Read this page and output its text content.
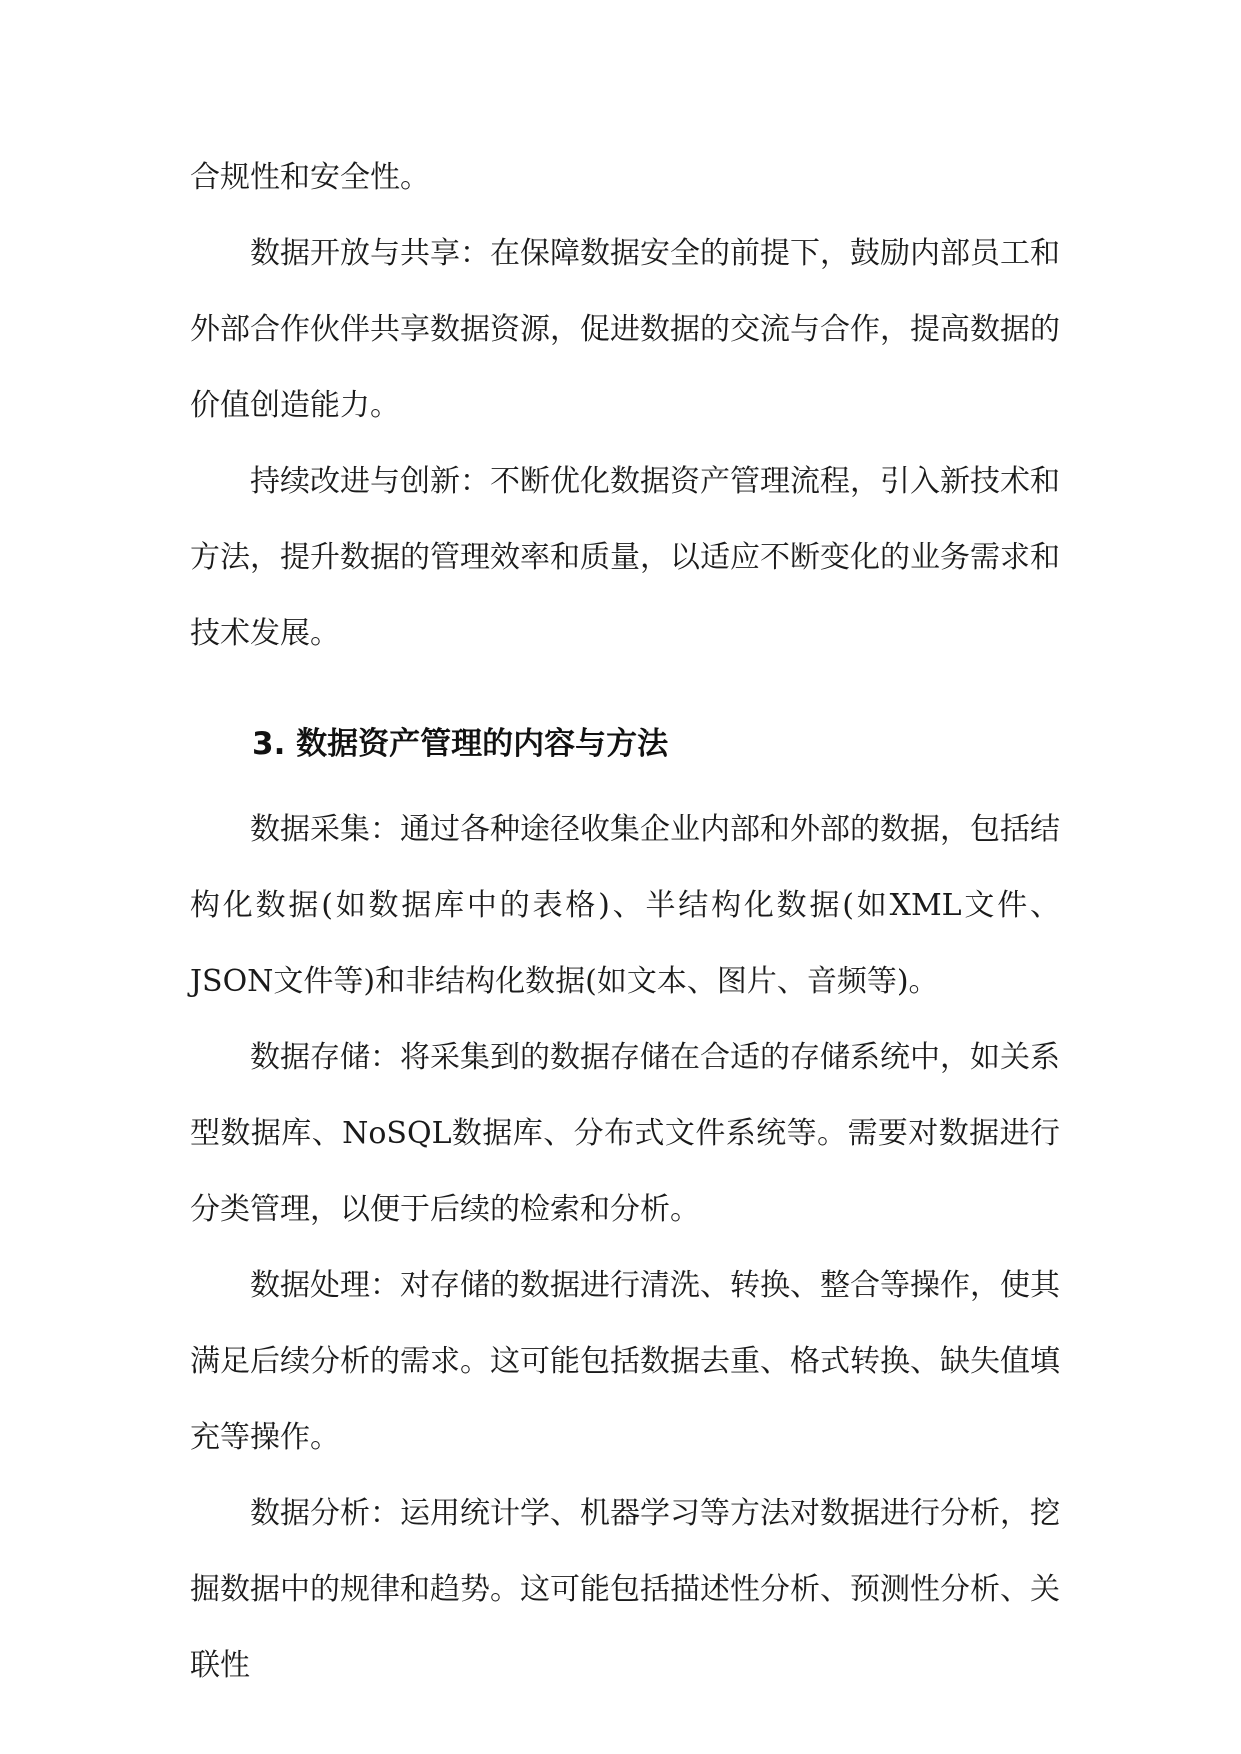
合规性和安全性。

数据开放与共享：在保障数据安全的前提下，鼓励内部员工和外部合作伙伴共享数据资源，促进数据的交流与合作，提高数据的价值创造能力。

持续改进与创新：不断优化数据资产管理流程，引入新技术和方法，提升数据的管理效率和质量，以适应不断变化的业务需求和技术发展。

3. 数据资产管理的内容与方法

数据采集：通过各种途径收集企业内部和外部的数据，包括结构化数据(如数据库中的表格)、半结构化数据(如XML文件、JSON文件等)和非结构化数据(如文本、图片、音频等)。

数据存储：将采集到的数据存储在合适的存储系统中，如关系型数据库、NoSQL数据库、分布式文件系统等。需要对数据进行分类管理，以便于后续的检索和分析。

数据处理：对存储的数据进行清洗、转换、整合等操作，使其满足后续分析的需求。这可能包括数据去重、格式转换、缺失值填充等操作。

数据分析：运用统计学、机器学习等方法对数据进行分析，挖掘数据中的规律和趋势。这可能包括描述性分析、预测性分析、关联性
